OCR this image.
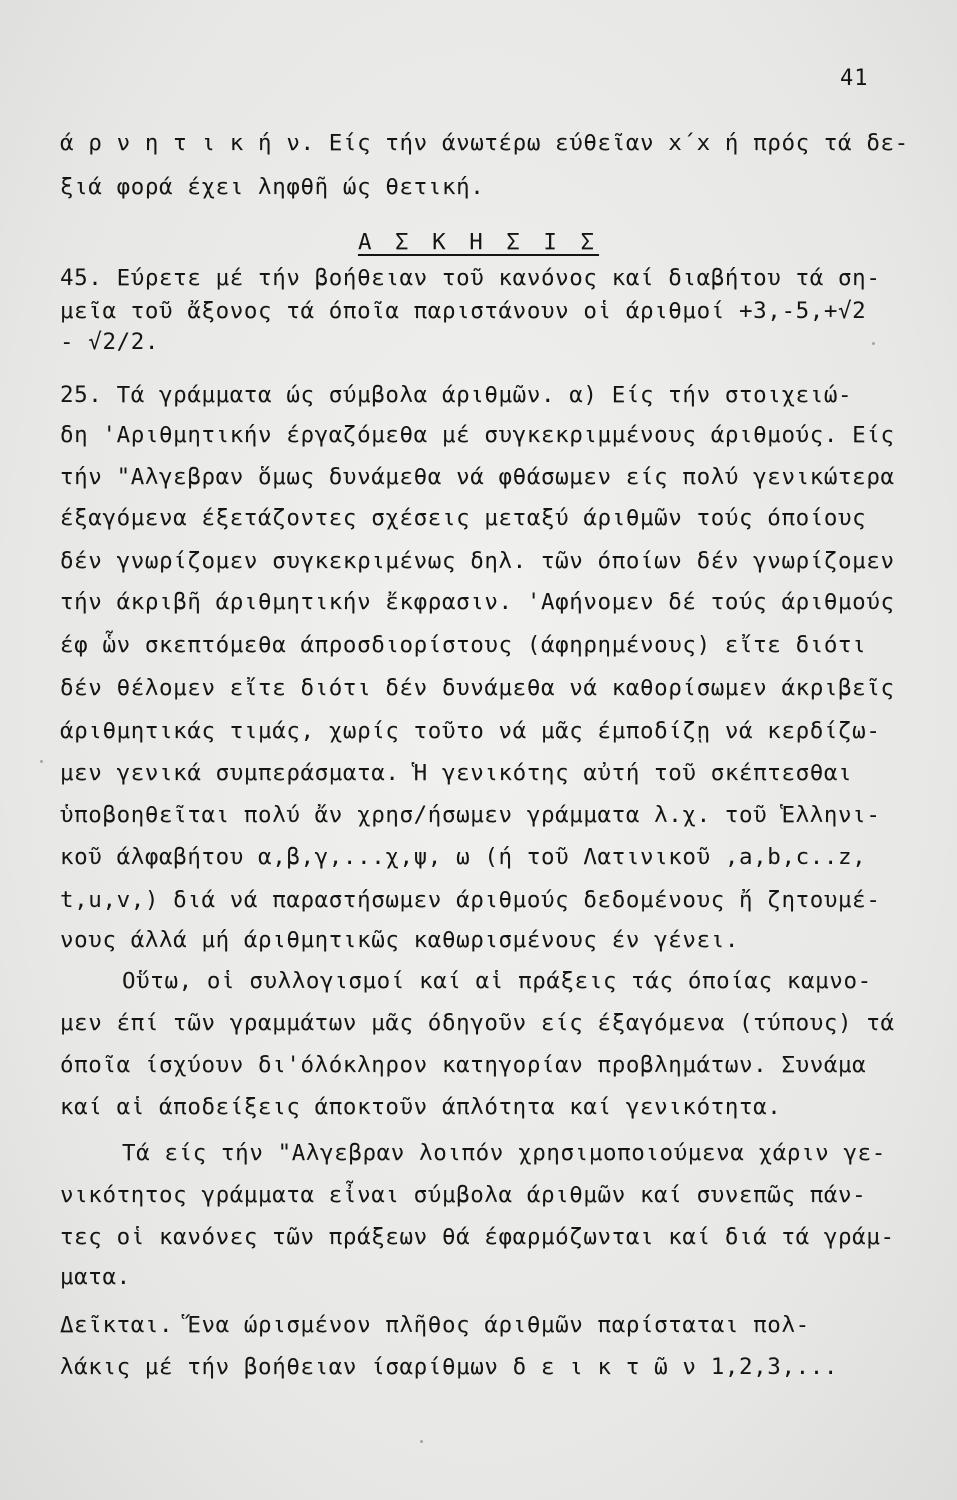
41
ά ρ ν η τ ι κ ή ν. Είς τήν άνωτέρω εύθεῖαν x΄x ή πρός τά δε-
ξιά φορά έχει ληφθῆ ώς θετική.
Α Σ Κ Η Σ Ι Σ
45. Εύρετε μέ τήν βοήθειαν τοῦ κανόνος καί διαβήτου τά ση-
μεῖα τοῦ ἄξονος τά όποῖα παριστάνουν οἱ άριθμοί +3,-5,+√2
- √2/2.
25. Τά γράμματα ώς σύμβολα άριθμῶν. α) Είς τήν στοιχειώ-
δη 'Αριθμητικήν έργαζόμεθα μέ συγκεκριμμένους άριθμούς. Είς
τήν "Αλγεβραν ὅμως δυνάμεθα νά φθάσωμεν είς πολύ γενικώτερα
έξαγόμενα έξετάζοντες σχέσεις μεταξύ άριθμῶν τούς όποίους
δέν γνωρίζομεν συγκεκριμένως δηλ. τῶν όποίων δέν γνωρίζομεν
τήν άκριβῆ άριθμητικήν ἔκφρασιν. 'Αφήνομεν δέ τούς άριθμούς
έφ ὧν σκεπτόμεθα άπροσδιορίστους (άφηρημένους) εἴτε διότι
δέν θέλομεν εἴτε διότι δέν δυνάμεθα νά καθορίσωμεν άκριβεῖς
άριθμητικάς τιμάς, χωρίς τοῦτο νά μᾶς έμποδίζῃ νά κερδίζω-
μεν γενικά συμπεράσματα. Ἡ γενικότης αὐτή τοῦ σκέπτεσθαι
ὑποβοηθεῖται πολύ ἄν χρησ/ήσωμεν γράμματα λ.χ. τοῦ Ἑλληνι-
κοῦ άλφαβήτου α,β,γ,...χ,ψ, ω (ή τοῦ Λατινικοῦ ,a,b,c..z,
t,u,v,) διά νά παραστήσωμεν άριθμούς δεδομένους ἤ ζητουμέ-
νους άλλά μή άριθμητικῶς καθωρισμένους έν γένει.
Οὕτω, οἱ συλλογισμοί καί αἱ πράξεις τάς όποίας καμνο-
μεν έπί τῶν γραμμάτων μᾶς όδηγοῦν είς έξαγόμενα (τύπους) τά
όποῖα ίσχύουν δι'όλόκληρον κατηγορίαν προβλημάτων. Συνάμα
καί αἱ άποδείξεις άποκτοῦν άπλότητα καί γενικότητα.
Τά είς τήν "Αλγεβραν λοιπόν χρησιμοποιούμενα χάριν γε-
νικότητος γράμματα εἶναι σύμβολα άριθμῶν καί συνεπῶς πάν-
τες οἱ κανόνες τῶν πράξεων θά έφαρμόζωνται καί διά τά γράμ-
ματα.
Δεῖκται. Ἕνα ώρισμένον πλῆθος άριθμῶν παρίσταται πολ-
λάκις μέ τήν βοήθειαν ίσαρίθμων δ ε ι κ τ ῶ ν 1,2,3,...
